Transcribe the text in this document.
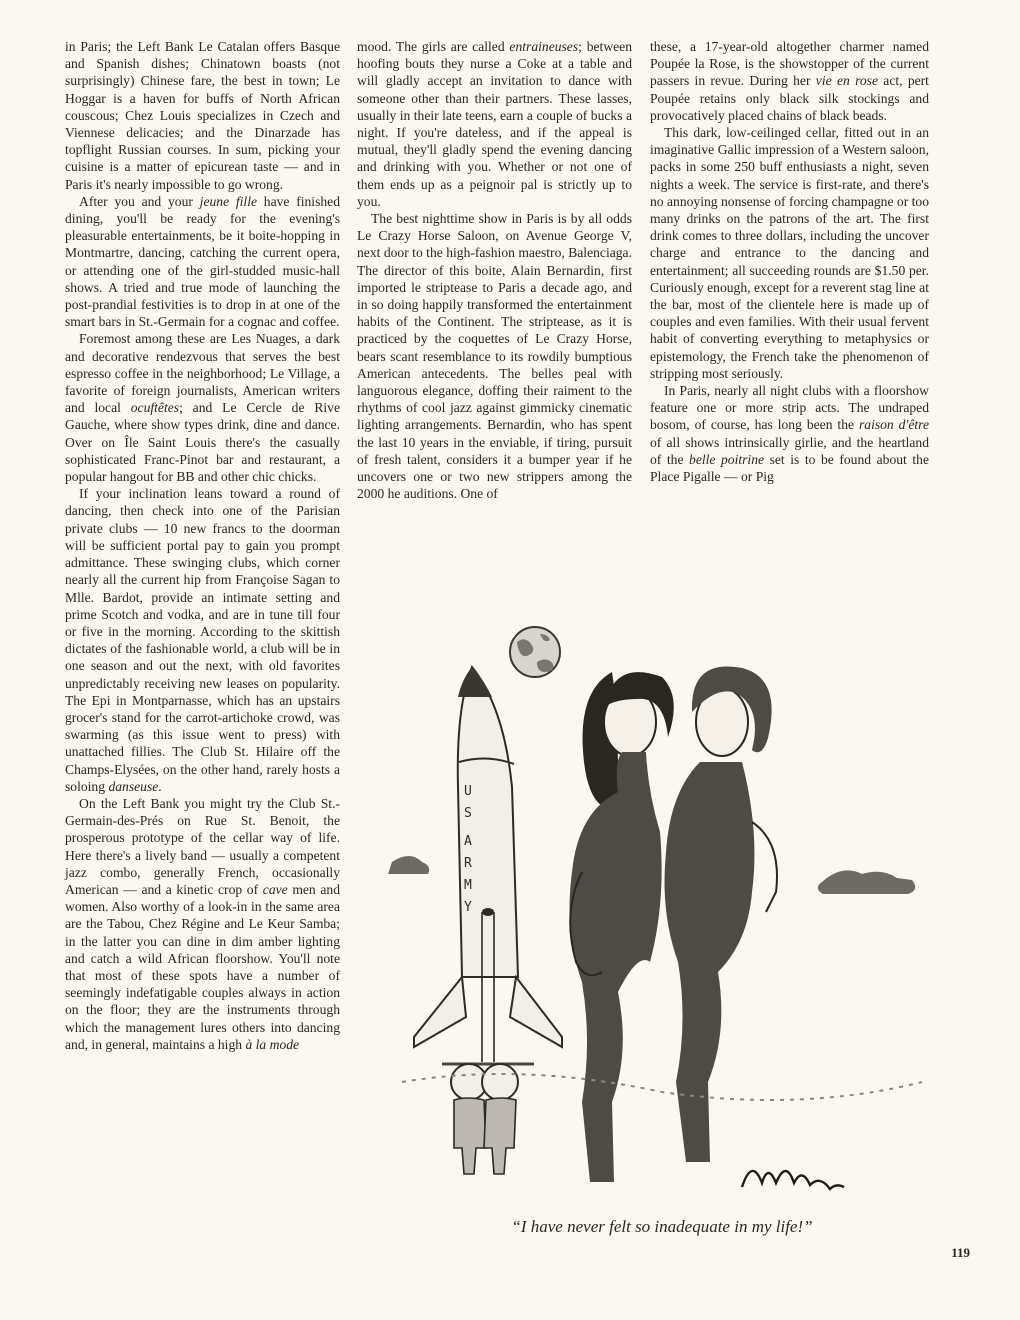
in Paris; the Left Bank Le Catalan offers Basque and Spanish dishes; Chinatown boasts (not surprisingly) Chinese fare, the best in town; Le Hoggar is a haven for buffs of North African couscous; Chez Louis specializes in Czech and Viennese delicacies; and the Dinarzade has topflight Russian courses. In sum, picking your cuisine is a matter of epicurean taste — and in Paris it's nearly impossible to go wrong.

After you and your jeune fille have finished dining, you'll be ready for the evening's pleasurable entertainments, be it boite-hopping in Montmartre, dancing, catching the current opera, or attending one of the girl-studded music-hall shows. A tried and true mode of launching the post-prandial festivities is to drop in at one of the smart bars in St.-Germain for a cognac and coffee.

Foremost among these are Les Nuages, a dark and decorative rendezvous that serves the best espresso coffee in the neighborhood; Le Village, a favorite of foreign journalists, American writers and local ocuftêtes; and Le Cercle de Rive Gauche, where show types drink, dine and dance. Over on Île Saint Louis there's the casually sophisticated Franc-Pinot bar and restaurant, a popular hangout for BB and other chic chicks.

If your inclination leans toward a round of dancing, then check into one of the Parisian private clubs — 10 new francs to the doorman will be sufficient portal pay to gain you prompt admittance. These swinging clubs, which corner nearly all the current hip from Françoise Sagan to Mlle. Bardot, provide an intimate setting and prime Scotch and vodka, and are in tune till four or five in the morning. According to the skittish dictates of the fashionable world, a club will be in one season and out the next, with old favorites unpredictably receiving new leases on popularity. The Epi in Montparnasse, which has an upstairs grocer's stand for the carrot-artichoke crowd, was swarming (as this issue went to press) with unattached fillies. The Club St. Hilaire off the Champs-Elysées, on the other hand, rarely hosts a soloing danseuse.

On the Left Bank you might try the Club St.-Germain-des-Prés on Rue St. Benoit, the prosperous prototype of the cellar way of life. Here there's a lively band — usually a competent jazz combo, generally French, occasionally American — and a kinetic crop of cave men and women. Also worthy of a look-in in the same area are the Tabou, Chez Régine and Le Keur Samba; in the latter you can dine in dim amber lighting and catch a wild African floorshow. You'll note that most of these spots have a number of seemingly indefatigable couples always in action on the floor; they are the instruments through which the management lures others into dancing and, in general, maintains a high à la mode

mood. The girls are called entraineuses; between hoofing bouts they nurse a Coke at a table and will gladly accept an invitation to dance with someone other than their partners. These lasses, usually in their late teens, earn a couple of bucks a night. If you're dateless, and if the appeal is mutual, they'll gladly spend the evening dancing and drinking with you. Whether or not one of them ends up as a peignoir pal is strictly up to you.

The best nighttime show in Paris is by all odds Le Crazy Horse Saloon, on Avenue George V, next door to the high-fashion maestro, Balenciaga. The director of this boite, Alain Bernardin, first imported le striptease to Paris a decade ago, and in so doing happily transformed the entertainment habits of the Continent. The striptease, as it is practiced by the coquettes of Le Crazy Horse, bears scant resemblance to its rowdily bumptious American antecedents. The belles peal with languorous elegance, doffing their raiment to the rhythms of cool jazz against gimmicky cinematic lighting arrangements. Bernardin, who has spent the last 10 years in the enviable, if tiring, pursuit of fresh talent, considers it a bumper year if he uncovers one or two new strippers among the 2000 he auditions. One of

these, a 17-year-old altogether charmer named Poupée la Rose, is the showstopper of the current passers in revue. During her vie en rose act, pert Poupée retains only black silk stockings and provocatively placed chains of black beads.

This dark, low-ceilinged cellar, fitted out in an imaginative Gallic impression of a Western saloon, packs in some 250 buff enthusiasts a night, seven nights a week. The service is first-rate, and there's no annoying nonsense of forcing champagne or too many drinks on the patrons of the art. The first drink comes to three dollars, including the uncover charge and entrance to the dancing and entertainment; all succeeding rounds are $1.50 per. Curiously enough, except for a reverent stag line at the bar, most of the clientele here is made up of couples and even families. With their usual fervent habit of converting everything to metaphysics or epistemology, the French take the phenomenon of stripping most seriously.

In Paris, nearly all night clubs with a floorshow feature one or more strip acts. The undraped bosom, of course, has long been the raison d'être of all shows intrinsically girlie, and the heartland of the belle poitrine set is to be found about the Place Pigalle — or Pig

U
S
A
R
M
Y
“I have never felt so inadequate in my life!”
119
